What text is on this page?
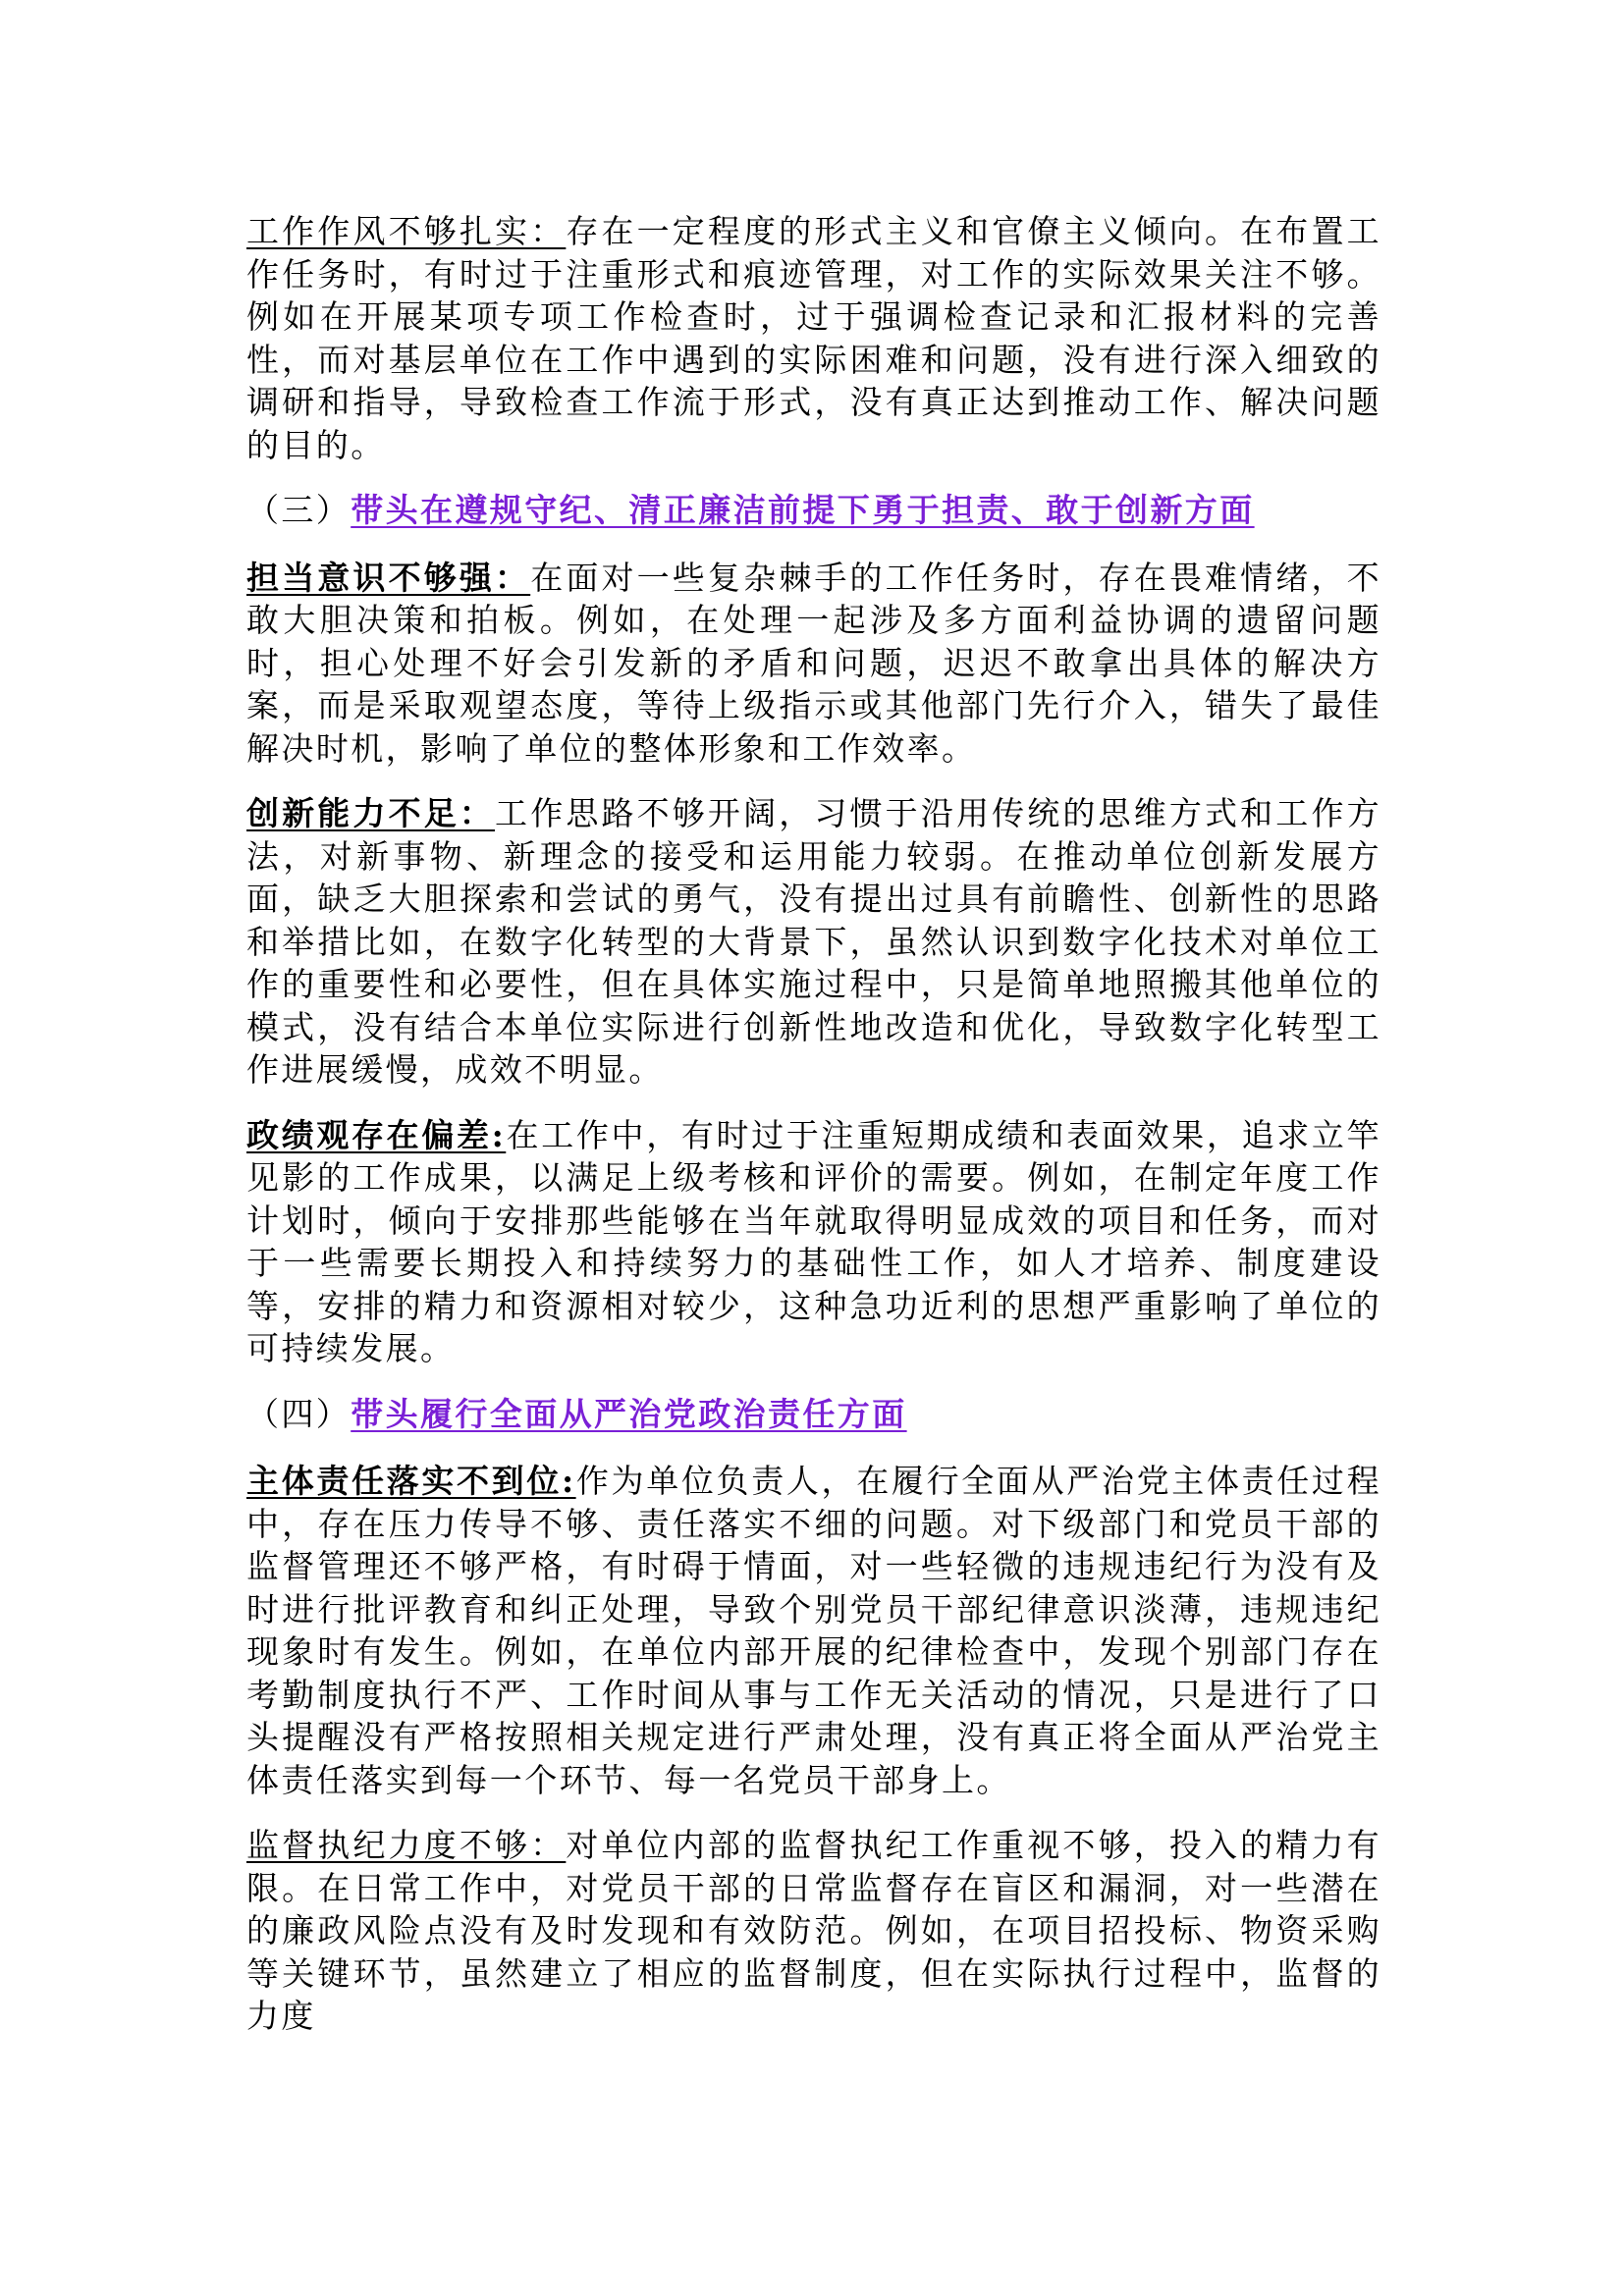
工作作风不够扎实：存在一定程度的形式主义和官僚主义倾向。在布置工作任务时，有时过于注重形式和痕迹管理，对工作的实际效果关注不够。例如在开展某项专项工作检查时，过于强调检查记录和汇报材料的完善性，而对基层单位在工作中遇到的实际困难和问题，没有进行深入细致的调研和指导，导致检查工作流于形式，没有真正达到推动工作、解决问题的目的。

（三）带头在遵规守纪、清正廉洁前提下勇于担责、敢于创新方面

担当意识不够强：在面对一些复杂棘手的工作任务时，存在畏难情绪，不敢大胆决策和拍板。例如，在处理一起涉及多方面利益协调的遗留问题时，担心处理不好会引发新的矛盾和问题，迟迟不敢拿出具体的解决方案，而是采取观望态度，等待上级指示或其他部门先行介入，错失了最佳解决时机，影响了单位的整体形象和工作效率。

创新能力不足：工作思路不够开阔，习惯于沿用传统的思维方式和工作方法，对新事物、新理念的接受和运用能力较弱。在推动单位创新发展方面，缺乏大胆探索和尝试的勇气，没有提出过具有前瞻性、创新性的思路和举措比如，在数字化转型的大背景下，虽然认识到数字化技术对单位工作的重要性和必要性，但在具体实施过程中，只是简单地照搬其他单位的模式，没有结合本单位实际进行创新性地改造和优化，导致数字化转型工作进展缓慢，成效不明显。

政绩观存在偏差:在工作中，有时过于注重短期成绩和表面效果，追求立竿见影的工作成果，以满足上级考核和评价的需要。例如，在制定年度工作计划时，倾向于安排那些能够在当年就取得明显成效的项目和任务，而对于一些需要长期投入和持续努力的基础性工作，如人才培养、制度建设等，安排的精力和资源相对较少，这种急功近利的思想严重影响了单位的可持续发展。

（四）带头履行全面从严治党政治责任方面

主体责任落实不到位:作为单位负责人，在履行全面从严治党主体责任过程中，存在压力传导不够、责任落实不细的问题。对下级部门和党员干部的监督管理还不够严格，有时碍于情面，对一些轻微的违规违纪行为没有及时进行批评教育和纠正处理，导致个别党员干部纪律意识淡薄，违规违纪现象时有发生。例如，在单位内部开展的纪律检查中，发现个别部门存在考勤制度执行不严、工作时间从事与工作无关活动的情况，只是进行了口头提醒没有严格按照相关规定进行严肃处理，没有真正将全面从严治党主体责任落实到每一个环节、每一名党员干部身上。

监督执纪力度不够：对单位内部的监督执纪工作重视不够，投入的精力有限。在日常工作中，对党员干部的日常监督存在盲区和漏洞，对一些潜在的廉政风险点没有及时发现和有效防范。例如，在项目招投标、物资采购等关键环节，虽然建立了相应的监督制度，但在实际执行过程中，监督的力度
